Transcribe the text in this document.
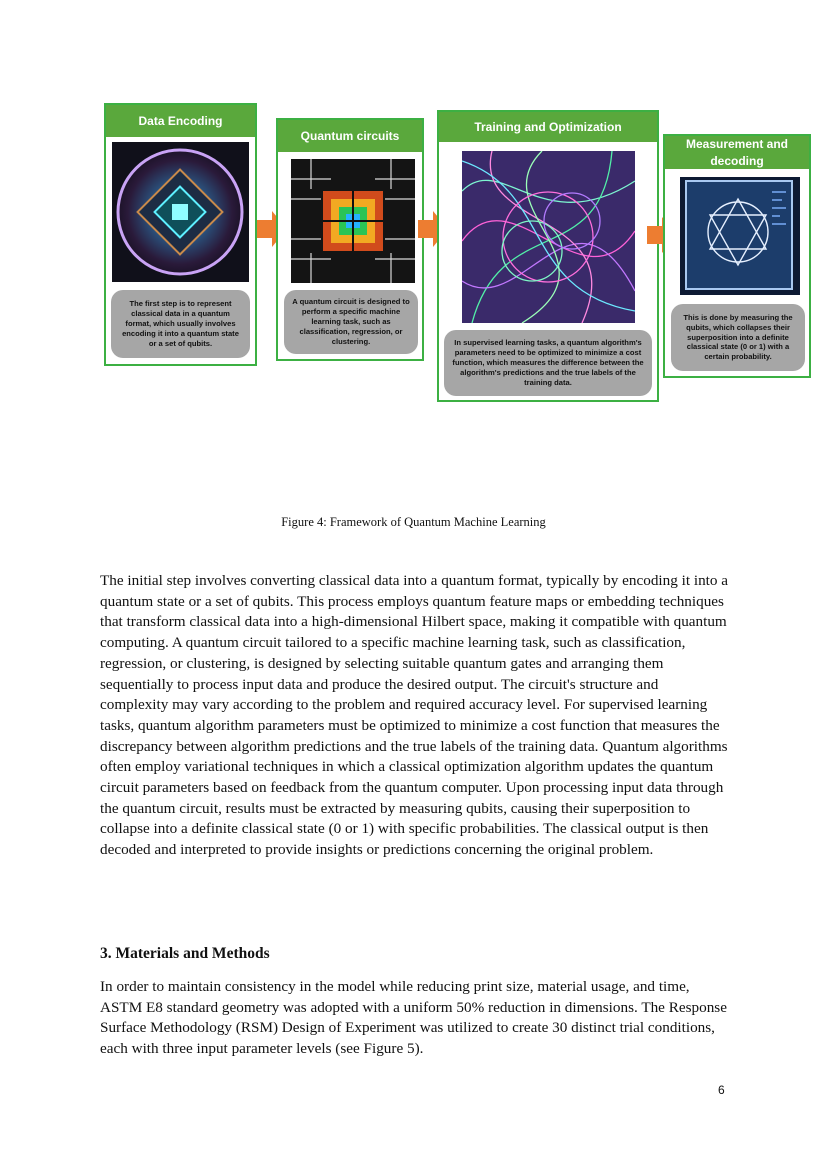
Data Encoding
The first step is to represent classical data in a quantum format, which usually involves encoding it into a quantum state or a set of qubits.
Quantum circuits
A quantum circuit is designed to perform a specific machine learning task, such as classification, regression, or clustering.
Training and Optimization
In supervised learning tasks, a quantum algorithm's parameters need to be optimized to minimize a cost function, which measures the difference between the algorithm's predictions and the true labels of the training data.
Measurement and decoding
This is done by measuring the qubits, which collapses their superposition into a definite classical state (0 or 1) with a certain probability.
Figure 4: Framework of Quantum Machine Learning

The initial step involves converting classical data into a quantum format, typically by encoding it into a quantum state or a set of qubits. This process employs quantum feature maps or embedding techniques that transform classical data into a high-dimensional Hilbert space, making it compatible with quantum computing. A quantum circuit tailored to a specific machine learning task, such as classification, regression, or clustering, is designed by selecting suitable quantum gates and arranging them sequentially to process input data and produce the desired output. The circuit's structure and complexity may vary according to the problem and required accuracy level. For supervised learning tasks, quantum algorithm parameters must be optimized to minimize a cost function that measures the discrepancy between algorithm predictions and the true labels of the training data. Quantum algorithms often employ variational techniques in which a classical optimization algorithm updates the quantum circuit parameters based on feedback from the quantum computer. Upon processing input data through the quantum circuit, results must be extracted by measuring qubits, causing their superposition to collapse into a definite classical state (0 or 1) with specific probabilities. The classical output is then decoded and interpreted to provide insights or predictions concerning the original problem.

3. Materials and Methods

In order to maintain consistency in the model while reducing print size, material usage, and time, ASTM E8 standard geometry was adopted with a uniform 50% reduction in dimensions. The Response Surface Methodology (RSM) Design of Experiment was utilized to create 30 distinct trial conditions, each with three input parameter levels (see Figure 5).

6
